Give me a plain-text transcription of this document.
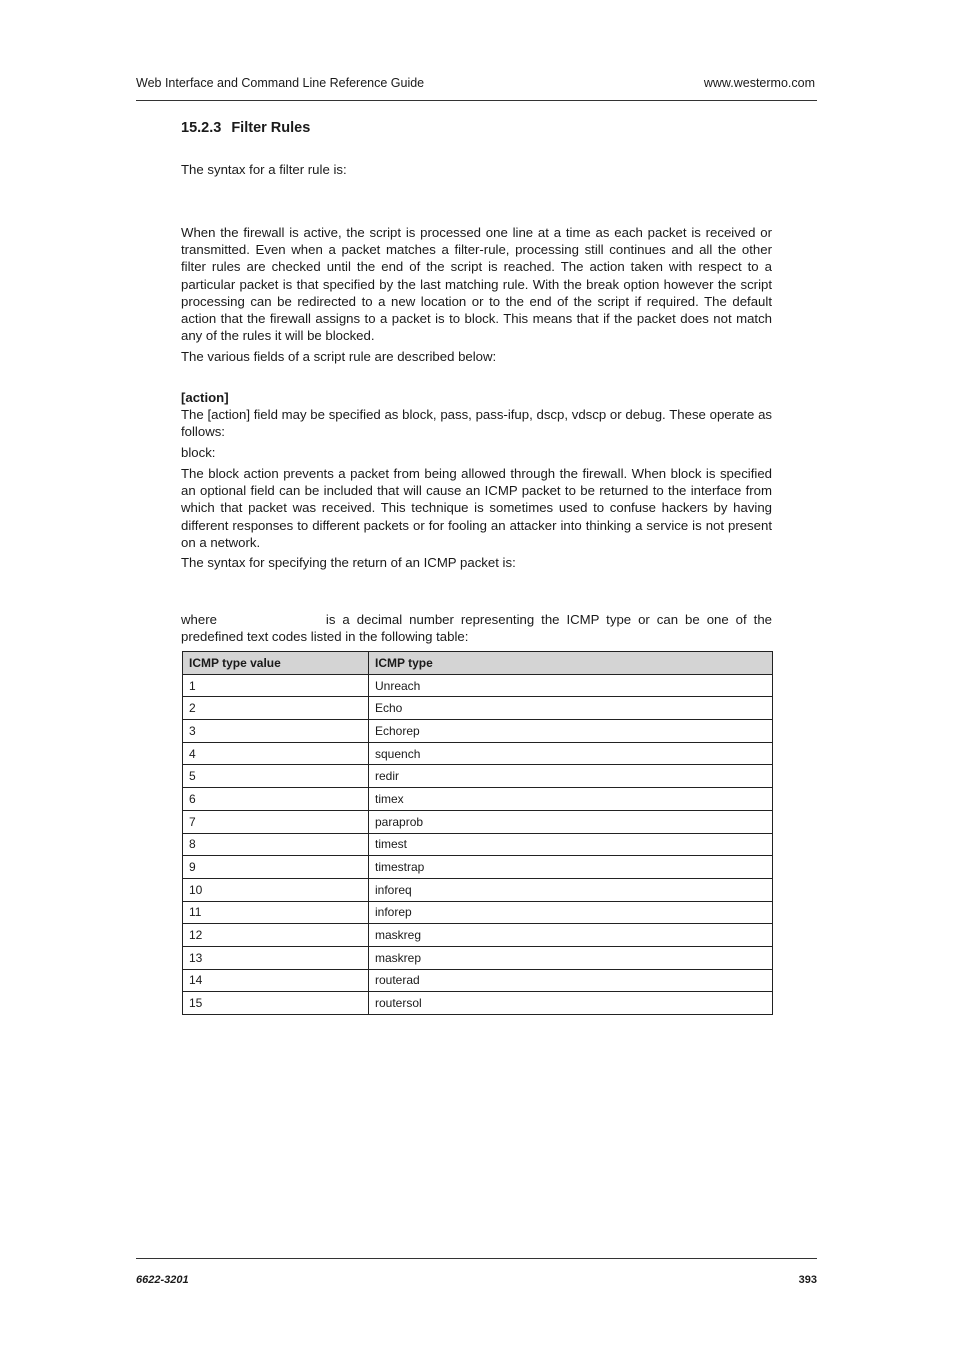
Web Interface and Command Line Reference Guide	www.westermo.com
15.2.3 Filter Rules

The syntax for a filter rule is:

When the firewall is active, the script is processed one line at a time as each packet is received or transmitted. Even when a packet matches a filter-rule, processing still continues and all the other filter rules are checked until the end of the script is reached. The action taken with respect to a particular packet is that specified by the last matching rule. With the break option however the script processing can be redirected to a new location or to the end of the script if required. The default action that the firewall assigns to a packet is to block. This means that if the packet does not match any of the rules it will be blocked.

The various fields of a script rule are described below:

[action]

The [action] field may be specified as block, pass, pass-ifup, dscp, vdscp or debug. These operate as follows:

block:

The block action prevents a packet from being allowed through the firewall. When block is specified an optional field can be included that will cause an ICMP packet to be returned to the interface from which that packet was received. This technique is sometimes used to confuse hackers by having different responses to different packets or for fooling an attacker into thinking a service is not present on a network.

The syntax for specifying the return of an ICMP packet is:

where	is a decimal number representing the ICMP type or can be one of the predefined text codes listed in the following table:

ICMP type value	ICMP type
1	Unreach
2	Echo
3	Echorep
4	squench
5	redir
6	timex
7	paraprob
8	timest
9	timestrap
10	inforeq
11	inforep
12	maskreg
13	maskrep
14	routerad
15	routersol
6622-3201	393
